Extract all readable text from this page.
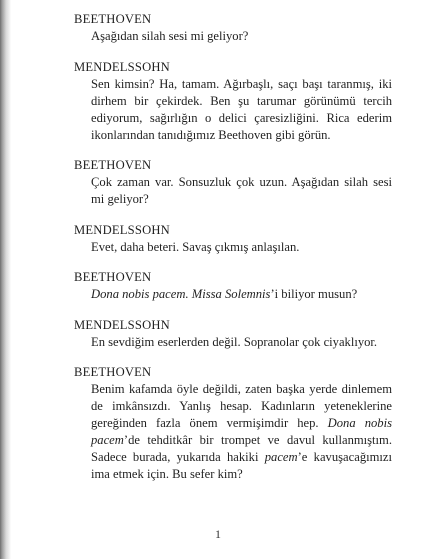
BEETHOVEN
Aşağıdan silah sesi mi geliyor?
MENDELSSOHN
Sen kimsin? Ha, tamam. Ağırbaşlı, saçı başı taranmış, iki dirhem bir çekirdek. Ben şu tarumar görünümü tercih ediyorum, sağırlığın o delici çaresizliğini. Rica ederim ikonlarından tanıdığımız Beethoven gibi görün.
BEETHOVEN
Çok zaman var. Sonsuzluk çok uzun. Aşağıdan silah sesi mi geliyor?
MENDELSSOHN
Evet, daha beteri. Savaş çıkmış anlaşılan.
BEETHOVEN
Dona nobis pacem. Missa Solemnis’i biliyor musun?
MENDELSSOHN
En sevdiğim eserlerden değil. Sopranolar çok ciyaklıyor.
BEETHOVEN
Benim kafamda öyle değildi, zaten başka yerde dinlemem de imkânsızdı. Yanlış hesap. Kadınların yeteneklerine gereğinden fazla önem vermişimdir hep. Dona nobis pacem’de tehditkâr bir trompet ve davul kullanmıştım. Sadece burada, yukarıda hakiki pacem’e kavuşacağımızı ima etmek için. Bu sefer kim?
1
